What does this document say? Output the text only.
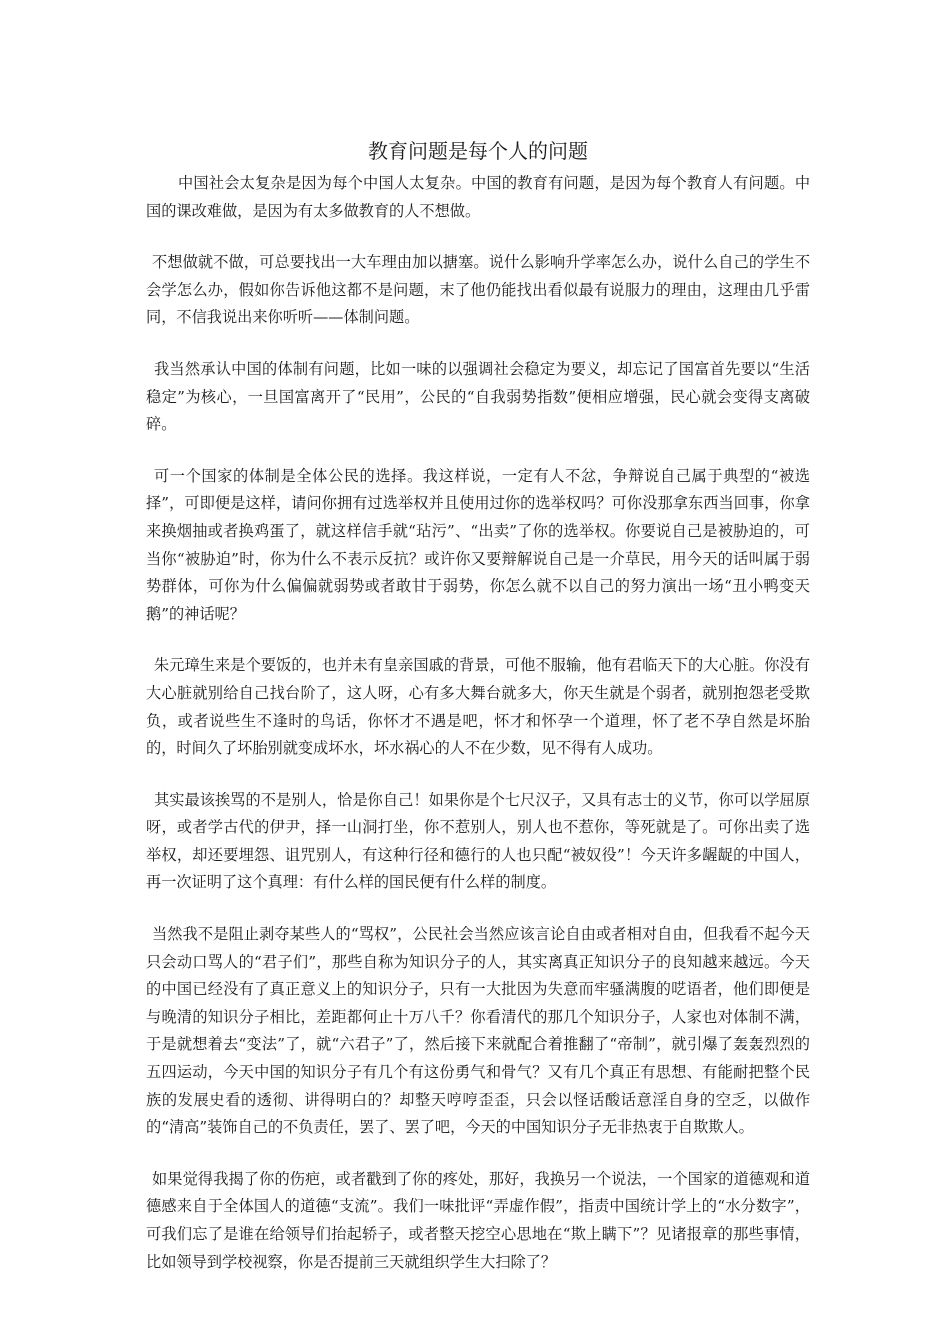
教育问题是每个人的问题

中国社会太复杂是因为每个中国人太复杂。中国的教育有问题，是因为每个教育人有问题。中国的课改难做，是因为有太多做教育的人不想做。

不想做就不做，可总要找出一大车理由加以搪塞。说什么影响升学率怎么办，说什么自己的学生不会学怎么办，假如你告诉他这都不是问题，末了他仍能找出看似最有说服力的理由，这理由几乎雷同，不信我说出来你听听——体制问题。

我当然承认中国的体制有问题，比如一味的以强调社会稳定为要义，却忘记了国富首先要以“生活稳定”为核心，一旦国富离开了“民用”，公民的“自我弱势指数”便相应增强，民心就会变得支离破碎。

可一个国家的体制是全体公民的选择。我这样说，一定有人不忿，争辩说自己属于典型的“被选择”，可即便是这样，请问你拥有过选举权并且使用过你的选举权吗？可你没那拿东西当回事，你拿来换烟抽或者换鸡蛋了，就这样信手就“玷污”、“出卖”了你的选举权。你要说自己是被胁迫的，可当你“被胁迫”时，你为什么不表示反抗？或许你又要辩解说自己是一介草民，用今天的话叫属于弱势群体，可你为什么偏偏就弱势或者敢甘于弱势，你怎么就不以自己的努力演出一场“丑小鸭变天鹅”的神话呢？

朱元璋生来是个要饭的，也并未有皇亲国戚的背景，可他不服输，他有君临天下的大心脏。你没有大心脏就别给自己找台阶了，这人呀，心有多大舞台就多大，你天生就是个弱者，就别抱怨老受欺负，或者说些生不逢时的鸟话，你怀才不遇是吧，怀才和怀孕一个道理，怀了老不孕自然是坏胎的，时间久了坏胎别就变成坏水，坏水祸心的人不在少数，见不得有人成功。

其实最该挨骂的不是别人，恰是你自己！如果你是个七尺汉子，又具有志士的义节，你可以学屈原呀，或者学古代的伊尹，择一山洞打坐，你不惹别人，别人也不惹你，等死就是了。可你出卖了选举权，却还要埋怨、诅咒别人，有这种行径和德行的人也只配“被奴役”！今天许多龌龊的中国人，再一次证明了这个真理：有什么样的国民便有什么样的制度。

当然我不是阻止剥夺某些人的“骂权”，公民社会当然应该言论自由或者相对自由，但我看不起今天只会动口骂人的“君子们”，那些自称为知识分子的人，其实离真正知识分子的良知越来越远。今天的中国已经没有了真正意义上的知识分子，只有一大批因为失意而牢骚满腹的呓语者，他们即便是与晚清的知识分子相比，差距都何止十万八千？你看清代的那几个知识分子，人家也对体制不满，于是就想着去“变法”了，就“六君子”了，然后接下来就配合着推翻了“帝制”，就引爆了轰轰烈烈的五四运动，今天中国的知识分子有几个有这份勇气和骨气？又有几个真正有思想、有能耐把整个民族的发展史看的透彻、讲得明白的？却整天哼哼歪歪，只会以怪话酸话意淫自身的空乏，以做作的“清高”装饰自己的不负责任，罢了、罢了吧，今天的中国知识分子无非热衷于自欺欺人。

如果觉得我揭了你的伤疤，或者戳到了你的疼处，那好，我换另一个说法，一个国家的道德观和道德感来自于全体国人的道德“支流”。我们一味批评“弄虚作假”，指责中国统计学上的“水分数字”，可我们忘了是谁在给领导们抬起轿子，或者整天挖空心思地在“欺上瞒下”？见诸报章的那些事情，比如领导到学校视察，你是否提前三天就组织学生大扫除了？
